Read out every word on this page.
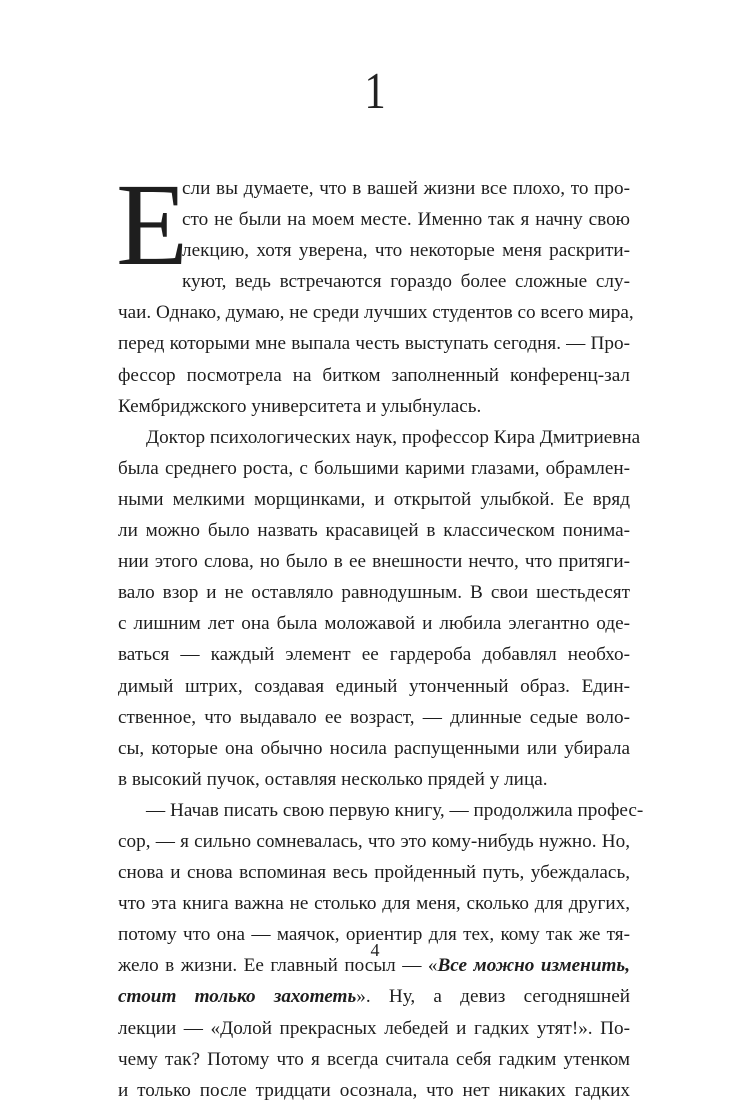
1
Е
сли вы думаете, что в вашей жизни все плохо, то про-
сто не были на моем месте. Именно так я начну свою
лекцию, хотя уверена, что некоторые меня раскрити-
куют, ведь встречаются гораздо более сложные слу-
чаи. Однако, думаю, не среди лучших студентов со всего мира,
перед которыми мне выпала честь выступать сегодня. — Про-
фессор посмотрела на битком заполненный конференц-зал
Кембриджского университета и улыбнулась.
Доктор психологических наук, профессор Кира Дмитриевна
была среднего роста, с большими карими глазами, обрамлен-
ными мелкими морщинками, и открытой улыбкой. Ее вряд
ли можно было назвать красавицей в классическом понима-
нии этого слова, но было в ее внешности нечто, что притяги-
вало взор и не оставляло равнодушным. В свои шестьдесят
с лишним лет она была моложавой и любила элегантно оде-
ваться — каждый элемент ее гардероба добавлял необхо-
димый штрих, создавая единый утонченный образ. Един-
ственное, что выдавало ее возраст, — длинные седые воло-
сы, которые она обычно носила распущенными или убирала
в высокий пучок, оставляя несколько прядей у лица.
— Начав писать свою первую книгу, — продолжила профес-
сор, — я сильно сомневалась, что это кому-нибудь нужно. Но,
снова и снова вспоминая весь пройденный путь, убеждалась,
что эта книга важна не столько для меня, сколько для других,
потому что она — маячок, ориентир для тех, кому так же тя-
жело в жизни. Ее главный посыл — «Все можно изменить,
стоит только захотеть». Ну, а девиз сегодняшней
лекции — «Долой прекрасных лебедей и гадких утят!». По-
чему так? Потому что я всегда считала себя гадким утенком
и только после тридцати осознала, что нет никаких гадких
4
